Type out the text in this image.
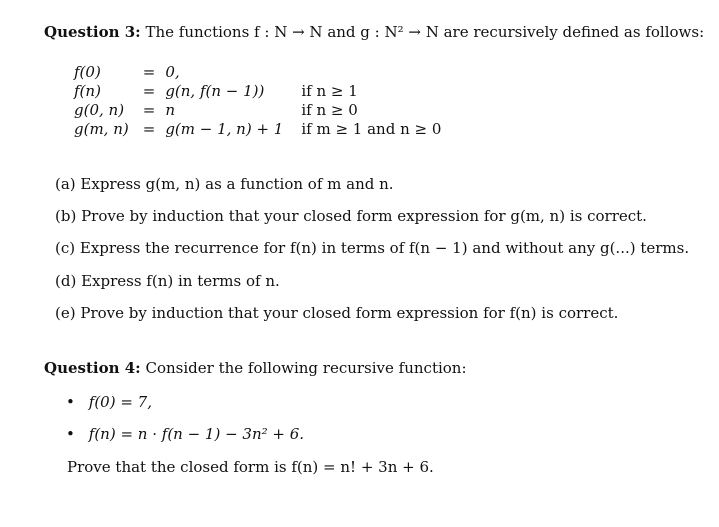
Question 3: The functions f : N → N and g : N² → N are recursively defined as follows:
f(0)	=	0,	
f(n)	=	g(n, f(n − 1))	if n ≥ 1
g(0, n)	=	n	if n ≥ 0
g(m, n)	=	g(m − 1, n) + 1	if m ≥ 1 and n ≥ 0
(a) Express g(m, n) as a function of m and n.
(b) Prove by induction that your closed form expression for g(m, n) is correct.
(c) Express the recurrence for f(n) in terms of f(n − 1) and without any g(...) terms.
(d) Express f(n) in terms of n.
(e) Prove by induction that your closed form expression for f(n) is correct.
Question 4: Consider the following recursive function:
• f(0) = 7,
• f(n) = n · f(n − 1) − 3n² + 6.
Prove that the closed form is f(n) = n! + 3n + 6.
